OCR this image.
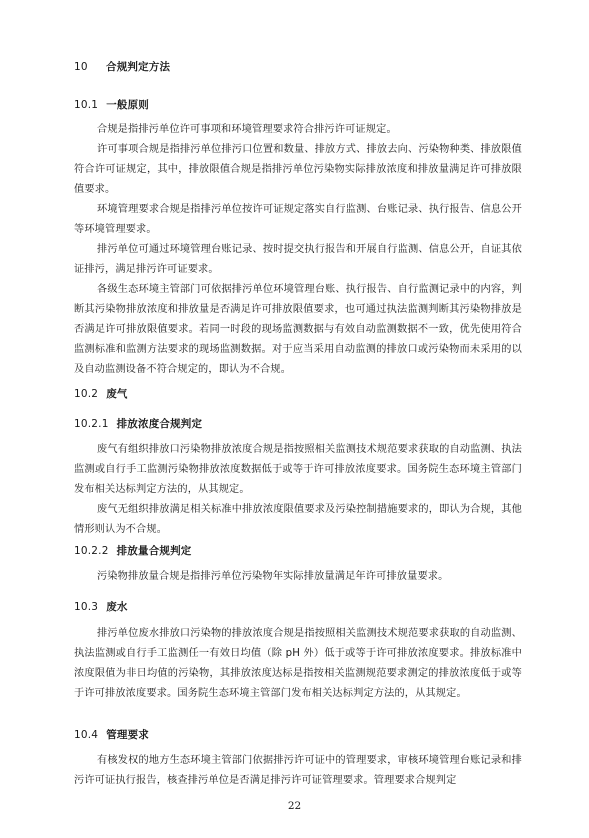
10 合规判定方法
10.1 一般原则
合规是指排污单位许可事项和环境管理要求符合排污许可证规定。
许可事项合规是指排污单位排污口位置和数量、排放方式、排放去向、污染物种类、排放限值符合许可证规定，其中，排放限值合规是指排污单位污染物实际排放浓度和排放量满足许可排放限值要求。
环境管理要求合规是指排污单位按许可证规定落实自行监测、台账记录、执行报告、信息公开等环境管理要求。
排污单位可通过环境管理台账记录、按时提交执行报告和开展自行监测、信息公开，自证其依证排污，满足排污许可证要求。
各级生态环境主管部门可依据排污单位环境管理台账、执行报告、自行监测记录中的内容，判断其污染物排放浓度和排放量是否满足许可排放限值要求，也可通过执法监测判断其污染物排放是否满足许可排放限值要求。若同一时段的现场监测数据与有效自动监测数据不一致，优先使用符合监测标准和监测方法要求的现场监测数据。对于应当采用自动监测的排放口或污染物而未采用的以及自动监测设备不符合规定的，即认为不合规。
10.2 废气
10.2.1 排放浓度合规判定
废气有组织排放口污染物排放浓度合规是指按照相关监测技术规范要求获取的自动监测、执法监测或自行手工监测污染物排放浓度数据低于或等于许可排放浓度要求。国务院生态环境主管部门发布相关达标判定方法的，从其规定。
废气无组织排放满足相关标准中排放浓度限值要求及污染控制措施要求的，即认为合规，其他情形则认为不合规。
10.2.2 排放量合规判定
污染物排放量合规是指排污单位污染物年实际排放量满足年许可排放量要求。
10.3 废水
排污单位废水排放口污染物的排放浓度合规是指按照相关监测技术规范要求获取的自动监测、执法监测或自行手工监测任一有效日均值（除 pH 外）低于或等于许可排放浓度要求。排放标准中浓度限值为非日均值的污染物，其排放浓度达标是指按相关监测规范要求测定的排放浓度低于或等于许可排放浓度要求。国务院生态环境主管部门发布相关达标判定方法的，从其规定。
10.4 管理要求
有核发权的地方生态环境主管部门依据排污许可证中的管理要求，审核环境管理台账记录和排污许可证执行报告，核查排污单位是否满足排污许可证管理要求。管理要求合规判定
22
